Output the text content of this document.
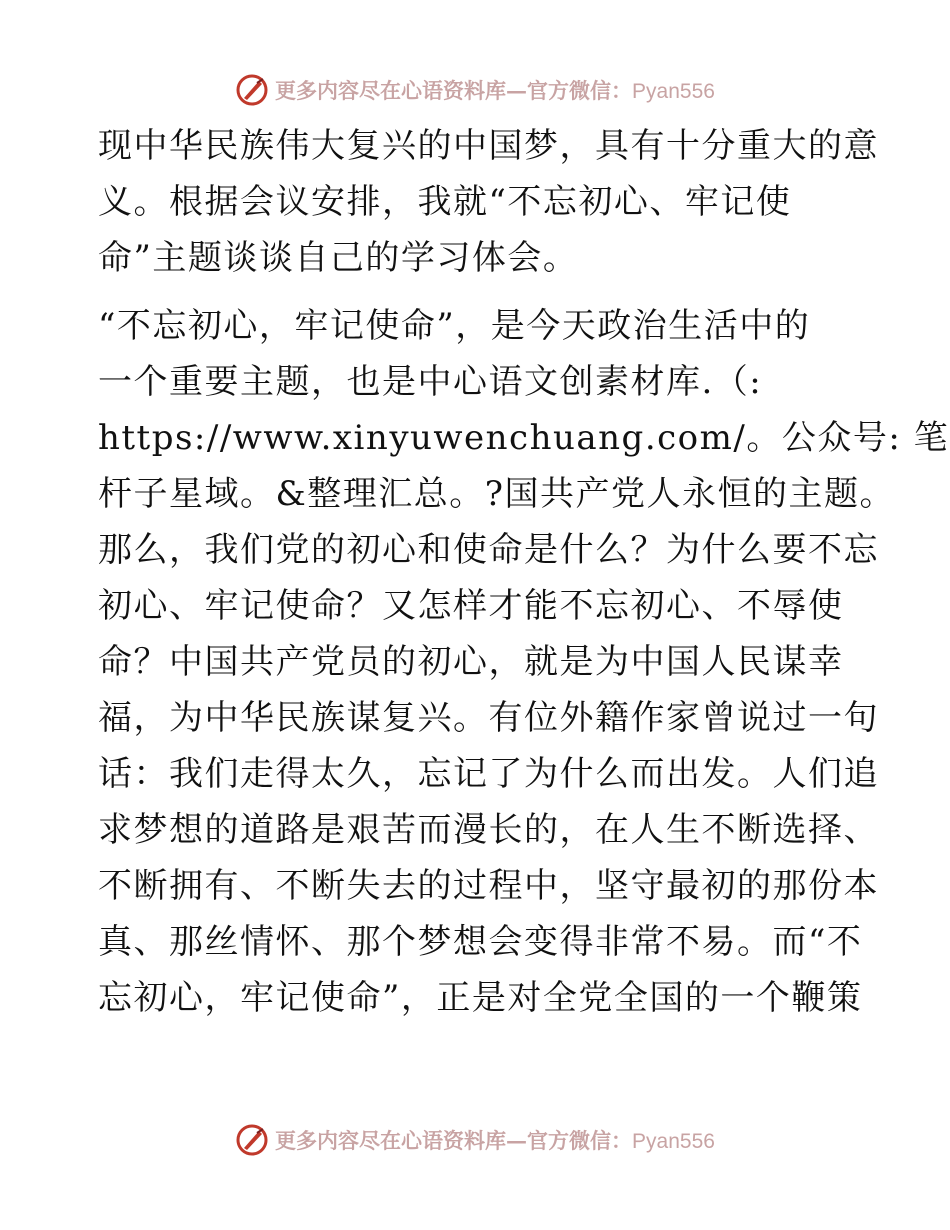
更多内容尽在心语资料库—官方微信：Pyan556
现中华民族伟大复兴的中国梦，具有十分重大的意
义。根据会议安排，我就“不忘初心、牢记使
命”主题谈谈自己的学习体会。
“不忘初心，牢记使命”，是今天政治生活中的
一个重要主题，也是中心语文创素材库.（:
https://www.xinyuwenchuang.com/。公众号: 笔
杆子星域。&整理汇总。?国共产党人永恒的主题。
那么，我们党的初心和使命是什么？为什么要不忘
初心、牢记使命？又怎样才能不忘初心、不辱使
命？中国共产党员的初心，就是为中国人民谋幸
福，为中华民族谋复兴。有位外籍作家曾说过一句
话：我们走得太久，忘记了为什么而出发。人们追
求梦想的道路是艰苦而漫长的，在人生不断选择、
不断拥有、不断失去的过程中，坚守最初的那份本
真、那丝情怀、那个梦想会变得非常不易。而“不
忘初心，牢记使命”，正是对全党全国的一个鞭策
更多内容尽在心语资料库—官方微信：Pyan556
